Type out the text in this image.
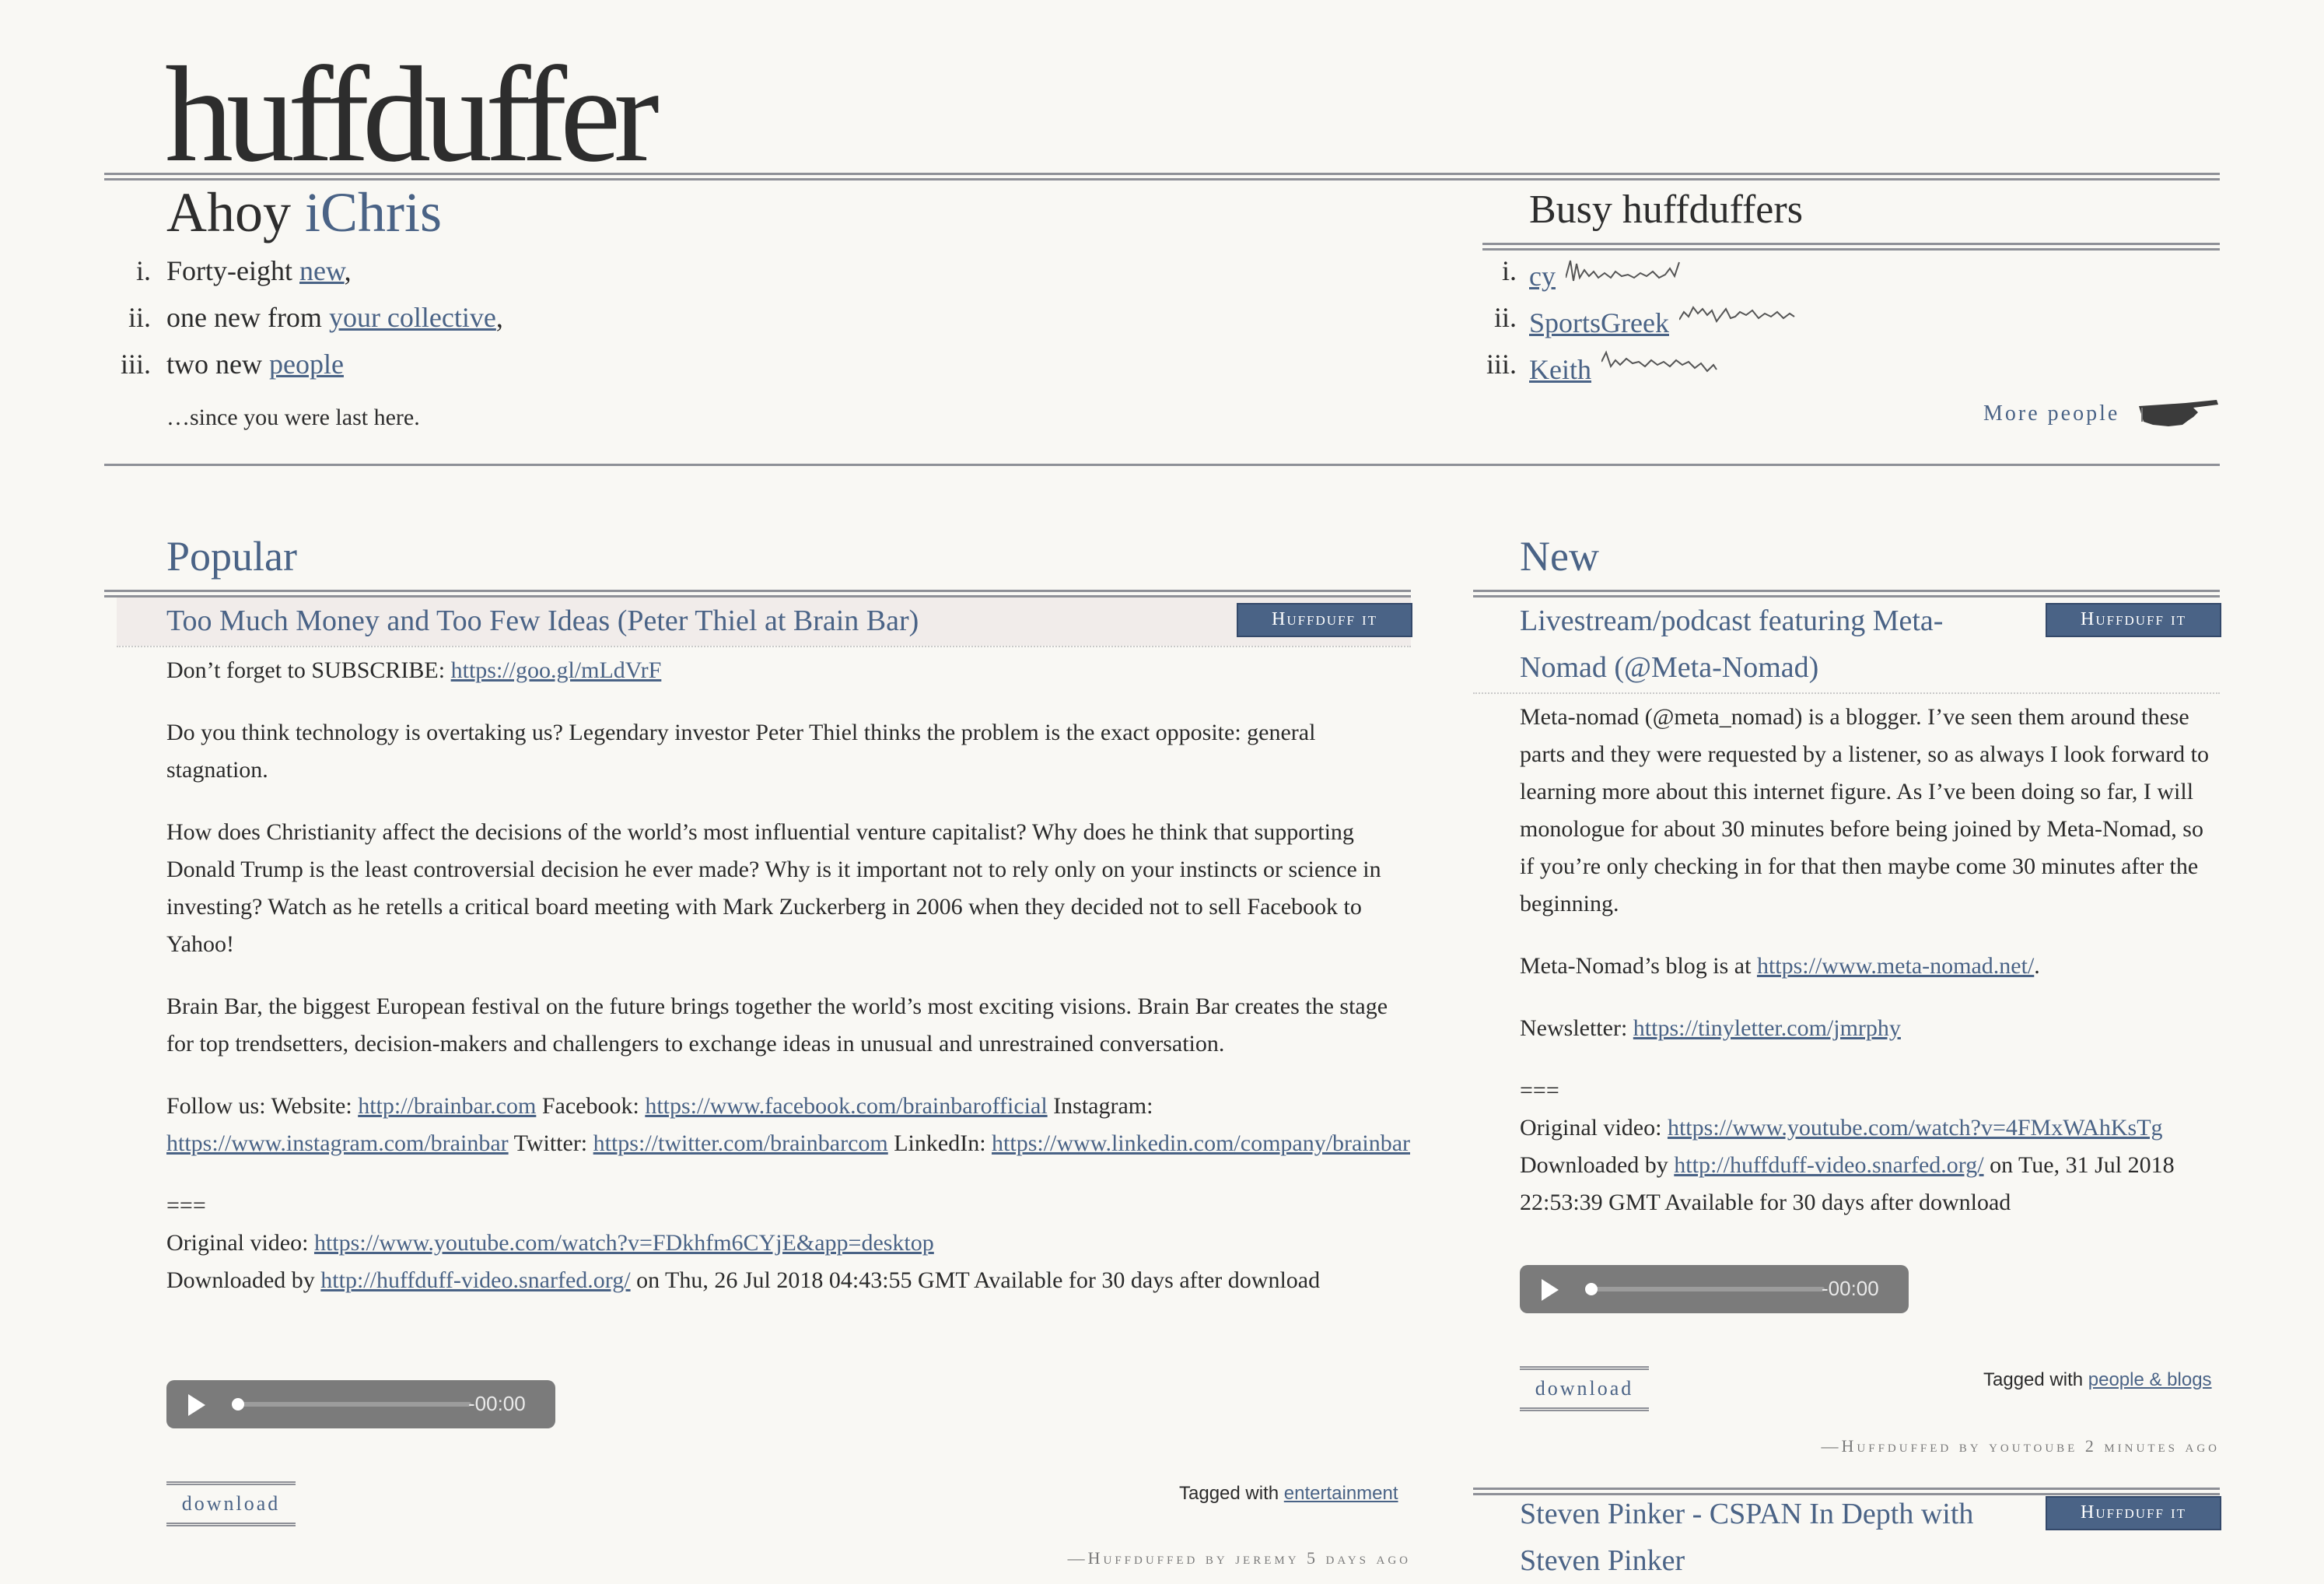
huffduffer
Ahoy iChris
i. Forty-eight new,
ii. one new from your collective,
iii. two new people
…since you were last here.
Busy huffduffers
i. cy
ii. SportsGreek
iii. Keith
More people
Popular
Too Much Money and Too Few Ideas (Peter Thiel at Brain Bar)	Huffduff it

Don’t forget to SUBSCRIBE: https://goo.gl/mLdVrF

Do you think technology is overtaking us? Legendary investor Peter Thiel thinks the problem is the exact opposite: general stagnation.

How does Christianity affect the decisions of the world’s most influential venture capitalist? Why does he think that supporting Donald Trump is the least controversial decision he ever made? Why is it important not to rely only on your instincts or science in investing? Watch as he retells a critical board meeting with Mark Zuckerberg in 2006 when they decided not to sell Facebook to Yahoo!

Brain Bar, the biggest European festival on the future brings together the world’s most exciting visions. Brain Bar creates the stage for top trendsetters, decision-makers and challengers to exchange ideas in unusual and unrestrained conversation.

Follow us: Website: http://brainbar.com Facebook: https://www.facebook.com/brainbarofficial Instagram: https://www.instagram.com/brainbar Twitter: https://twitter.com/brainbarcom LinkedIn: https://www.linkedin.com/company/brainbar

===
Original video: https://www.youtube.com/watch?v=FDkhfm6CYjE&app=desktop
Downloaded by http://huffduff-video.snarfed.org/ on Thu, 26 Jul 2018 04:43:55 GMT Available for 30 days after download

-00:00
download	Tagged with entertainment
—Huffduffed by jeremy 5 days ago
New
Livestream/podcast featuring Meta-Nomad (@Meta-Nomad)
Huffduff it

Meta-nomad (@meta_nomad) is a blogger. I’ve seen them around these parts and they were requested by a listener, so as always I look forward to learning more about this internet figure. As I’ve been doing so far, I will monologue for about 30 minutes before being joined by Meta-Nomad, so if you’re only checking in for that then maybe come 30 minutes after the beginning.

Meta-Nomad’s blog is at https://www.meta-nomad.net/.

Newsletter: https://tinyletter.com/jmrphy

===
Original video: https://www.youtube.com/watch?v=4FMxWAhKsTg
Downloaded by http://huffduff-video.snarfed.org/ on Tue, 31 Jul 2018 22:53:39 GMT Available for 30 days after download

-00:00
download	Tagged with people & blogs
—Huffduffed by youtoube 2 minutes ago
Steven Pinker - CSPAN In Depth with Steven Pinker
Huffduff it
